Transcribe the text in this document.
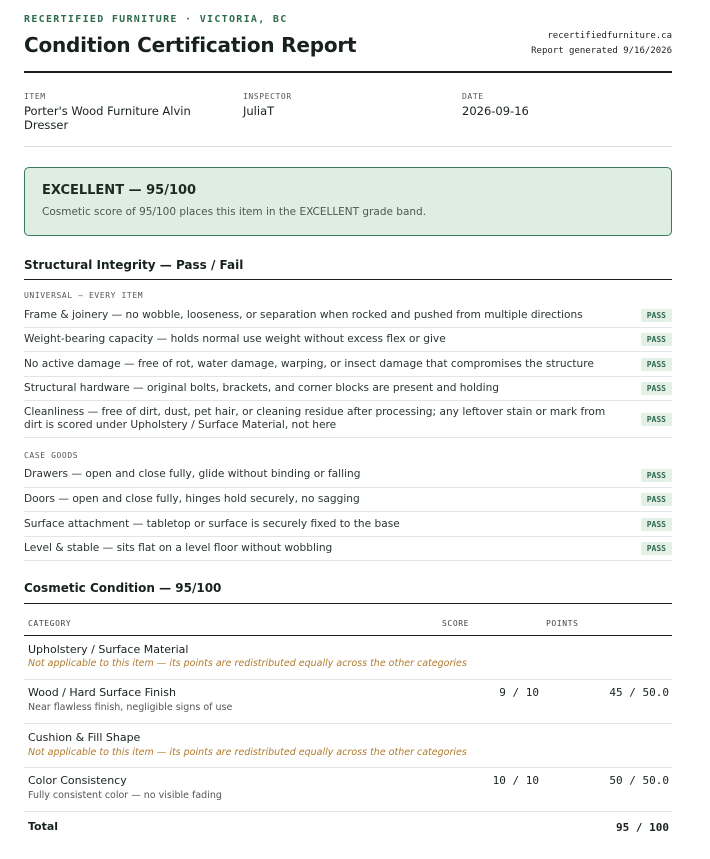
RECERTIFIED FURNITURE · VICTORIA, BC
Condition Certification Report	recertifiedfurniture.ca
Report generated 9/16/2026
ITEM
Porter's Wood Furniture Alvin Dresser
INSPECTOR
JuliaT
DATE
2026-09-16
EXCELLENT — 95/100
Cosmetic score of 95/100 places this item in the EXCELLENT grade band.
Structural Integrity — Pass / Fail
UNIVERSAL — EVERY ITEM
Frame & joinery — no wobble, looseness, or separation when rocked and pushed from multiple directions	PASS
Weight-bearing capacity — holds normal use weight without excess flex or give	PASS
No active damage — free of rot, water damage, warping, or insect damage that compromises the structure	PASS
Structural hardware — original bolts, brackets, and corner blocks are present and holding	PASS
Cleanliness — free of dirt, dust, pet hair, or cleaning residue after processing; any leftover stain or mark from dirt is scored under Upholstery / Surface Material, not here	PASS
CASE GOODS
Drawers — open and close fully, glide without binding or falling	PASS
Doors — open and close fully, hinges hold securely, no sagging	PASS
Surface attachment — tabletop or surface is securely fixed to the base	PASS
Level & stable — sits flat on a level floor without wobbling	PASS
Cosmetic Condition — 95/100
CATEGORY	SCORE	POINTS
Upholstery / Surface Material
Not applicable to this item — its points are redistributed equally across the other categories
Wood / Hard Surface Finish
Near flawless finish, negligible signs of use
9 / 10	45 / 50.0
Cushion & Fill Shape
Not applicable to this item — its points are redistributed equally across the other categories
Color Consistency
Fully consistent color — no visible fading
10 / 10	50 / 50.0
Total	95 / 100
